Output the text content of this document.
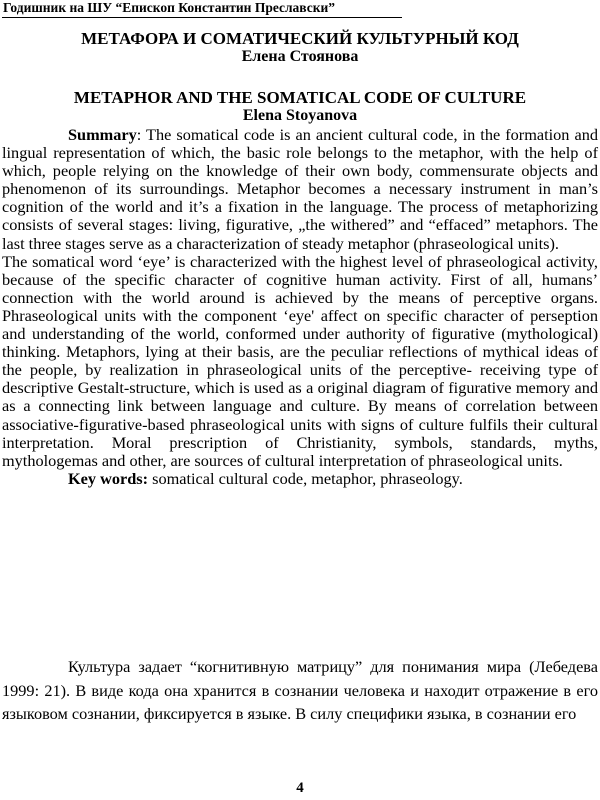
Годишник на ШУ “Епископ Константин Преславски”
МЕТАФОРА И СОМАТИЧЕСКИЙ КУЛЬТУРНЫЙ КОД
Елена Стоянова
METAPHOR AND THE SOMATICAL CODE OF CULTURE
Elena Stoyanova

Summary: The somatical code is an ancient cultural code, in the formation and lingual representation of which, the basic role belongs to the metaphor, with the help of which, people relying on the knowledge of their own body, commensurate objects and phenomenon of its surroundings. Metaphor becomes a necessary instrument in man’s cognition of the world and it’s a fixation in the language. The process of metaphorizing consists of several stages: living, figurative, „the withered” and “effaced” metaphors. The last three stages serve as a characterization of steady metaphor (phraseological units).

The somatical word ‘eye’ is characterized with the highest level of phraseological activity, because of the specific character of cognitive human activity. First of all, humans’ connection with the world around is achieved by the means of perceptive organs. Phraseological units with the component ‘eye' affect on specific character of perseption and understanding of the world, conformed under authority of figurative (mythological) thinking. Metaphors, lying at their basis, are the peculiar reflections of mythical ideas of the people, by realization in phraseological units of the perceptive- receiving type of descriptive Gestalt-structure, which is used as a original diagram of figurative memory and as a connecting link between language and culture. By means of correlation between associative-figurative-based phraseological units with signs of culture fulfils their cultural interpretation. Moral prescription of Christianity, symbols, standards, myths, mythologemas and other, are sources of cultural interpretation of phraseological units.

Key words: somatical cultural code, metaphor, phraseology.

Культура задает “когнитивную матрицу” для понимания мира (Лебедева 1999: 21). В виде кода она хранится в сознании человека и находит отражение в его языковом сознании, фиксируется в языке. В силу специфики языка, в сознании его

4
